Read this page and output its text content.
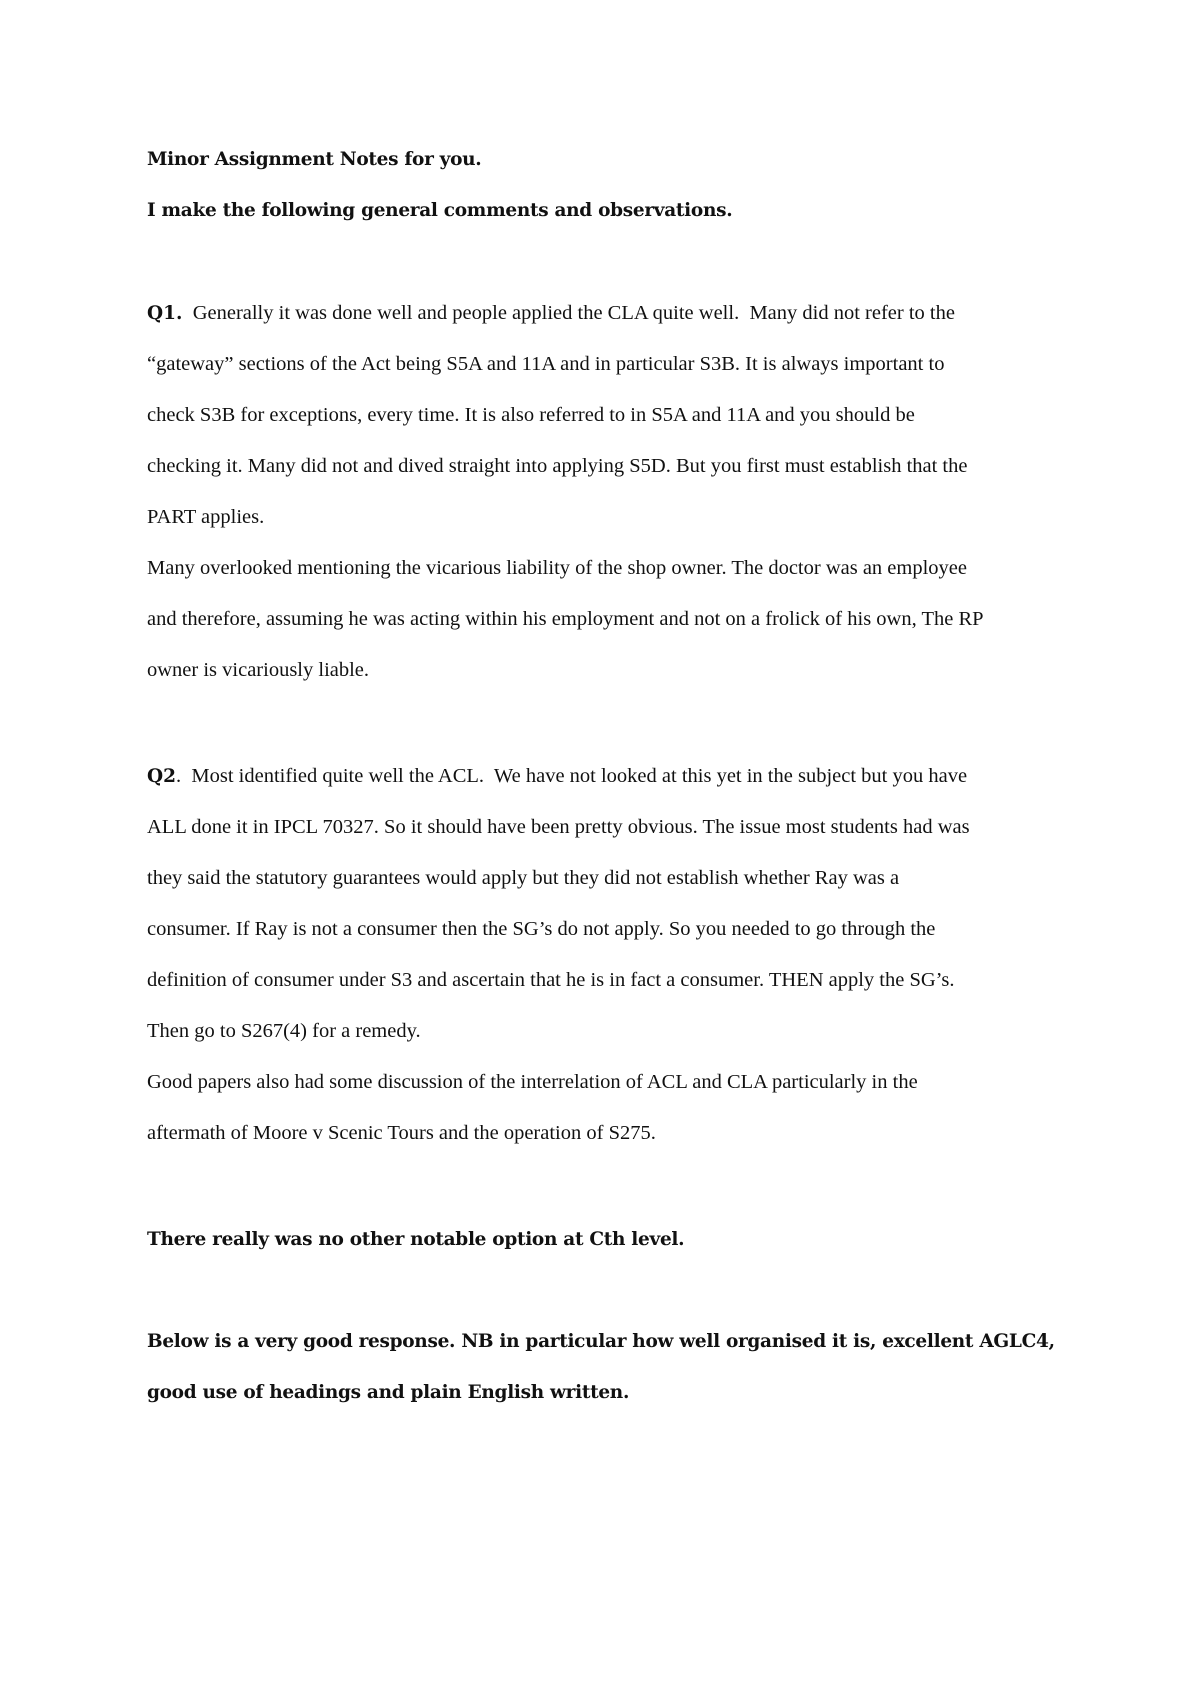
Minor Assignment Notes for you.
I make the following general comments and observations.
Q1.  Generally it was done well and people applied the CLA quite well.  Many did not refer to the
“gateway” sections of the Act being S5A and 11A and in particular S3B. It is always important to
check S3B for exceptions, every time. It is also referred to in S5A and 11A and you should be
checking it. Many did not and dived straight into applying S5D. But you first must establish that the
PART applies.
Many overlooked mentioning the vicarious liability of the shop owner. The doctor was an employee
and therefore, assuming he was acting within his employment and not on a frolick of his own, The RP
owner is vicariously liable.
Q2.  Most identified quite well the ACL.  We have not looked at this yet in the subject but you have
ALL done it in IPCL 70327. So it should have been pretty obvious. The issue most students had was
they said the statutory guarantees would apply but they did not establish whether Ray was a
consumer. If Ray is not a consumer then the SG’s do not apply. So you needed to go through the
definition of consumer under S3 and ascertain that he is in fact a consumer. THEN apply the SG’s.
Then go to S267(4) for a remedy.
Good papers also had some discussion of the interrelation of ACL and CLA particularly in the
aftermath of Moore v Scenic Tours and the operation of S275.
There really was no other notable option at Cth level.
Below is a very good response. NB in particular how well organised it is, excellent AGLC4,
good use of headings and plain English written.
